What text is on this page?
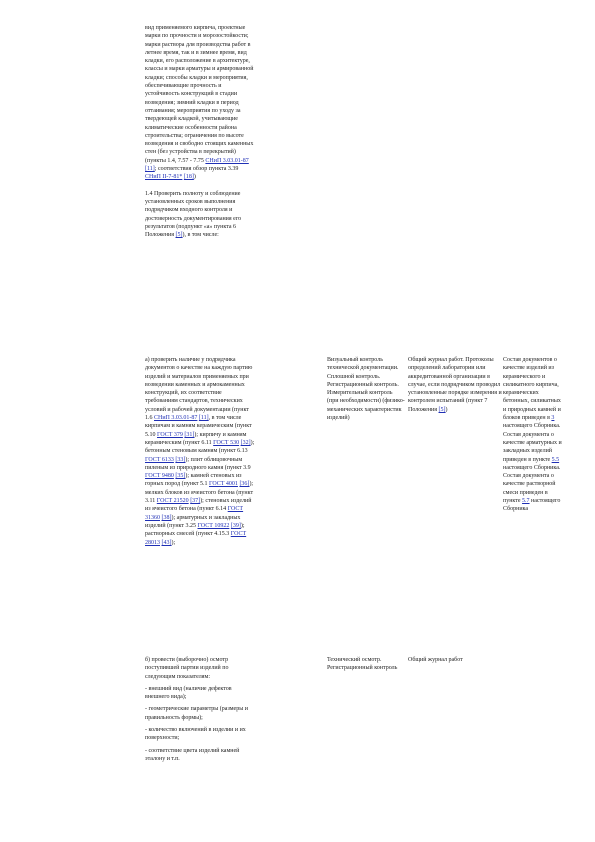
вид применяемого кирпича, проектные марки по прочности и морозостойкости; марки раствора для производства работ в летнее время, так и в зимнее время, вид кладки, его расположение в архитектуре, классы и марки арматуры и армированной кладки; способы кладки и мероприятия, обеспечивающие прочность и устойчивость конструкций в стадии возведения; зимний кладки в период оттаивания; мероприятия по уходу за твердеющей кладкой, учитывающие климатические особенности района строительства; ограничения по высоте возведения и свободно стоящих каменных стен (без устройства в перекрытий) (пункты 1.4, 7.57 - 7.75 СНиП 3.03.01-87 [11]; соответствия обзор пункта 3.39 СНиП II-7-81* [18])

1.4 Проверить полноту и соблюдение установленных сроков выполнения подрядчиком входного контроля и достоверность документирования его результатов (подпункт «а» пункта 6 Положения [5]), в том числе:

а) проверить наличие у подрядчика документов о качестве на каждую партию изделий и материалов применяемых при возведении каменных и армокаменных конструкций, их соответствие требованиям стандартов, технических условий и рабочей документации (пункт 1.6 СНиП 3.03.01-87 [11], в том числе кирпичам и камням керамическим (пункт 5.10 ГОСТ 379 [31]); кирпичу и камням керамическим (пункт 6.11 ГОСТ 530 [32]); бетонным стеновым камням (пункт 6.13 ГОСТ 6133 [33]); плит облицовочным пиленым из природного камня (пункт 3.9 ГОСТ 9480 [35]); камней стеновых из горных пород (пункт 5.1 ГОСТ 4001 [36]); мелких блоков из ячеистого бетона (пункт 3.11 ГОСТ 21520 [37]); стеновых изделий из ячеистого бетона (пункт 6.14 ГОСТ 31360 [38]); арматурных и закладных изделий (пункт 3.25 ГОСТ 10922 [39]); растворных смесей (пункт 4.15.3 ГОСТ 28013 [43]);

б) провести (выборочно) осмотр поступившей партии изделий по следующим показателям:

- внешний вид (наличие дефектов внешнего вида);

- геометрические параметры (размеры и правильность формы);

- количество включений в изделии и их поверхности;

- соответствие цвета изделий камней эталону и т.п.

Визуальный контроль технической документации. Сплошной контроль. Регистрационный контроль. Измерительный контроль (при необходимости) (физико-механических характеристик изделий)

Технический осмотр. Регистрационный контроль

Общий журнал работ. Протоколы определений лаборатории или аккредитованной организации в случае, если подрядчиком проводил установленные порядке измерения и контролем испытаний (пункт 7 Положения [5])

Общий журнал работ

Состав документов о качестве изделий из керамического и силикатного кирпича, керамических бетонных, силикатных и природных камней и блоков приведен в 3 настоящего Сборника.

Состав документа о качестве арматурных и закладных изделий приведен в пункте 5.5 настоящего Сборника.

Состав документа о качестве растворной смеси приведен в пункте 5.7 настоящего Сборника
